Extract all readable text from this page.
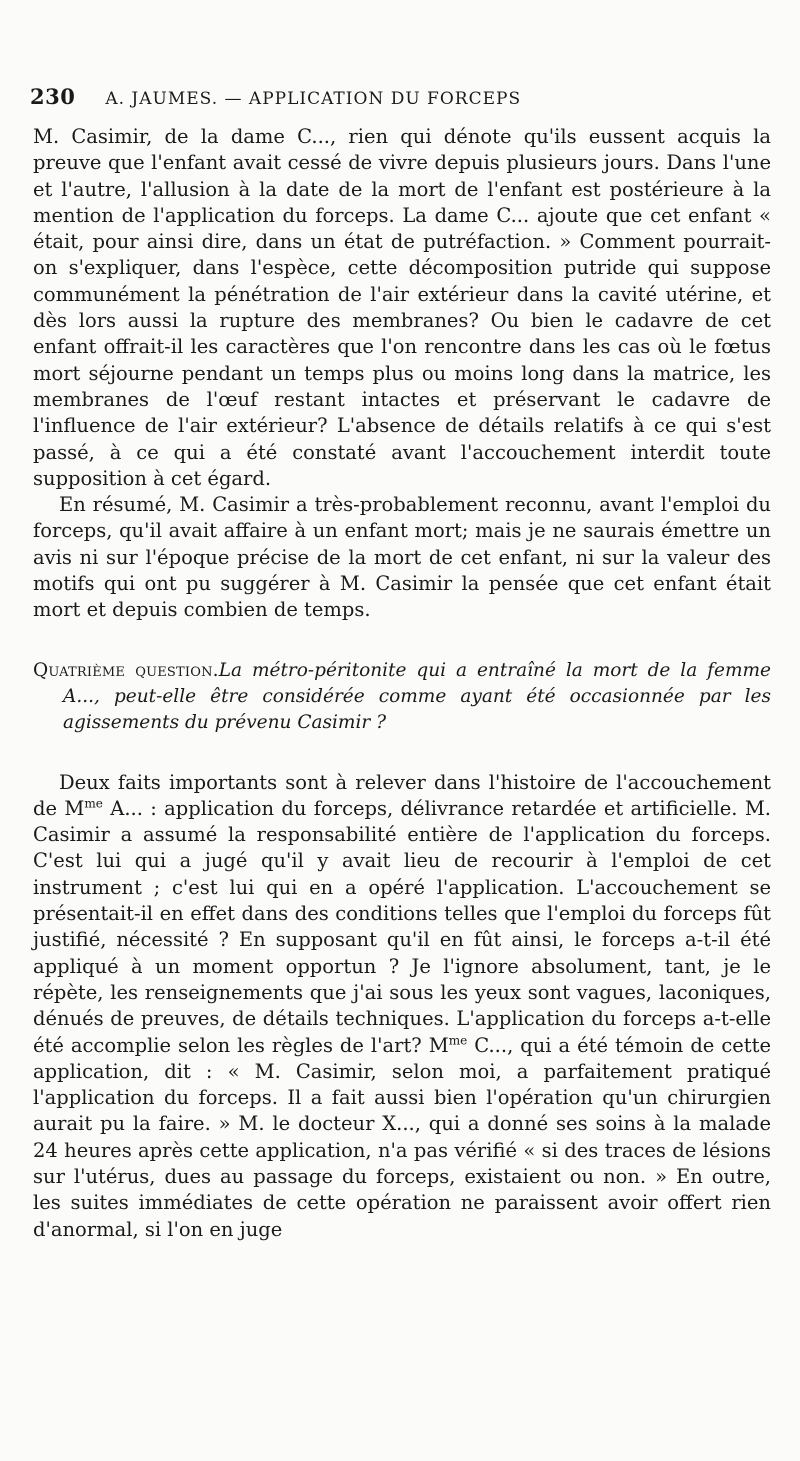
230 A. JAUMES. — APPLICATION DU FORCEPS

M. Casimir, de la dame C..., rien qui dénote qu'ils eussent acquis la preuve que l'enfant avait cessé de vivre depuis plusieurs jours. Dans l'une et l'autre, l'allusion à la date de la mort de l'enfant est postérieure à la mention de l'application du forceps. La dame C... ajoute que cet enfant « était, pour ainsi dire, dans un état de putréfaction. » Comment pourrait-on s'expliquer, dans l'espèce, cette décomposition putride qui suppose communément la pénétration de l'air extérieur dans la cavité utérine, et dès lors aussi la rupture des membranes? Ou bien le cadavre de cet enfant offrait-il les caractères que l'on rencontre dans les cas où le fœtus mort séjourne pendant un temps plus ou moins long dans la matrice, les membranes de l'œuf restant intactes et préservant le cadavre de l'influence de l'air extérieur? L'absence de détails relatifs à ce qui s'est passé, à ce qui a été constaté avant l'accouchement interdit toute supposition à cet égard.

En résumé, M. Casimir a très-probablement reconnu, avant l'emploi du forceps, qu'il avait affaire à un enfant mort; mais je ne saurais émettre un avis ni sur l'époque précise de la mort de cet enfant, ni sur la valeur des motifs qui ont pu suggérer à M. Casimir la pensée que cet enfant était mort et depuis combien de temps.

Quatrième question.La métro-péritonite qui a entraîné la mort de la femme A..., peut-elle être considérée comme ayant été occasionnée par les agissements du prévenu Casimir ?

Deux faits importants sont à relever dans l'histoire de l'accouchement de $M^{me}$ A... : application du forceps, délivrance retardée et artificielle. M. Casimir a assumé la responsabilité entière de l'application du forceps. C'est lui qui a jugé qu'il y avait lieu de recourir à l'emploi de cet instrument ; c'est lui qui en a opéré l'application. L'accouchement se présentait-il en effet dans des conditions telles que l'emploi du forceps fût justifié, nécessité ? En supposant qu'il en fût ainsi, le forceps a-t-il été appliqué à un moment opportun ? Je l'ignore absolument, tant, je le répète, les renseignements que j'ai sous les yeux sont vagues, laconiques, dénués de preuves, de détails techniques. L'application du forceps a-t-elle été accomplie selon les règles de l'art? $M^{me}$ C..., qui a été témoin de cette application, dit : « M. Casimir, selon moi, a parfaitement pratiqué l'application du forceps. Il a fait aussi bien l'opération qu'un chirurgien aurait pu la faire. » M. le docteur X..., qui a donné ses soins à la malade 24 heures après cette application, n'a pas vérifié « si des traces de lésions sur l'utérus, dues au passage du forceps, existaient ou non. » En outre, les suites immédiates de cette opération ne paraissent avoir offert rien d'anormal, si l'on en juge
